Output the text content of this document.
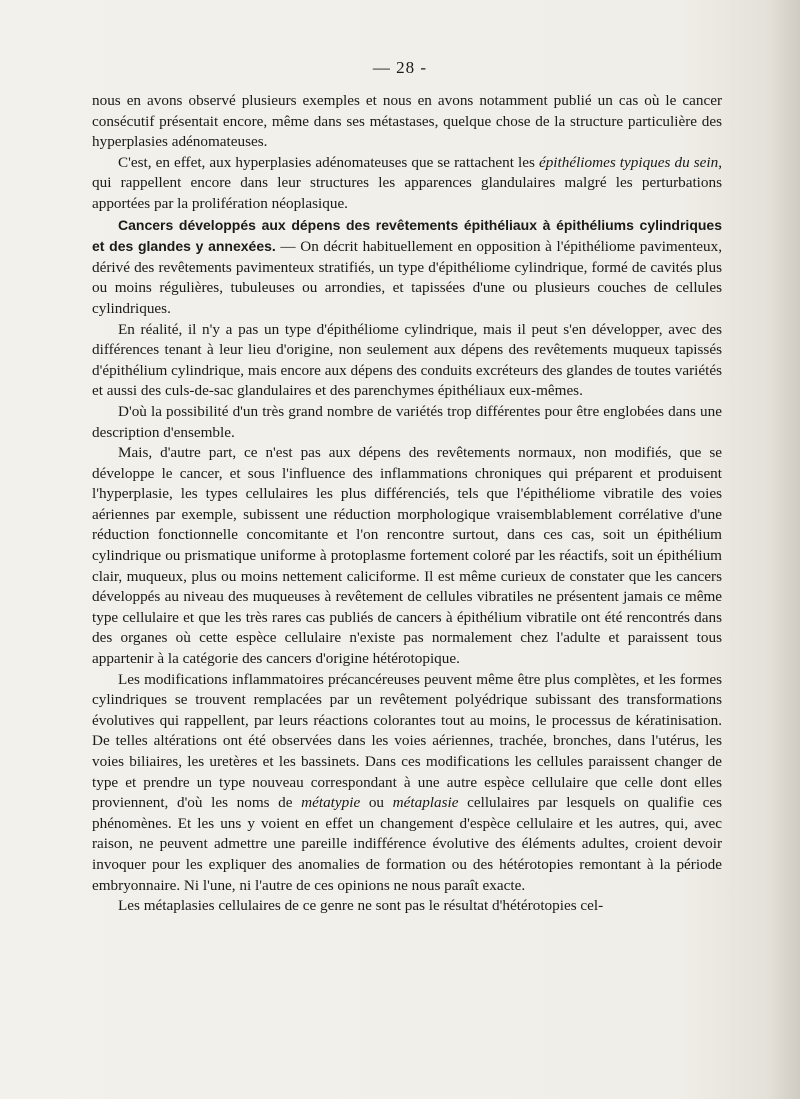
— 28 -

nous en avons observé plusieurs exemples et nous en avons notamment publié un cas où le cancer consécutif présentait encore, même dans ses métastases, quelque chose de la structure particulière des hyperplasies adénomateuses.

C'est, en effet, aux hyperplasies adénomateuses que se rattachent les épithéliomes typiques du sein, qui rappellent encore dans leur structures les apparences glandulaires malgré les perturbations apportées par la prolifération néoplasique.

Cancers développés aux dépens des revêtements épithéliaux à épithéliums cylindriques et des glandes y annexées. — On décrit habituellement en opposition à l'épithéliome pavimenteux, dérivé des revêtements pavimenteux stratifiés, un type d'épithéliome cylindrique, formé de cavités plus ou moins régulières, tubuleuses ou arrondies, et tapissées d'une ou plusieurs couches de cellules cylindriques.

En réalité, il n'y a pas un type d'épithéliome cylindrique, mais il peut s'en développer, avec des différences tenant à leur lieu d'origine, non seulement aux dépens des revêtements muqueux tapissés d'épithélium cylindrique, mais encore aux dépens des conduits excréteurs des glandes de toutes variétés et aussi des culs-de-sac glandulaires et des parenchymes épithéliaux eux-mêmes.

D'où la possibilité d'un très grand nombre de variétés trop différentes pour être englobées dans une description d'ensemble.

Mais, d'autre part, ce n'est pas aux dépens des revêtements normaux, non modifiés, que se développe le cancer, et sous l'influence des inflammations chroniques qui préparent et produisent l'hyperplasie, les types cellulaires les plus différenciés, tels que l'épithéliome vibratile des voies aériennes par exemple, subissent une réduction morphologique vraisemblablement corrélative d'une réduction fonctionnelle concomitante et l'on rencontre surtout, dans ces cas, soit un épithélium cylindrique ou prismatique uniforme à protoplasme fortement coloré par les réactifs, soit un épithélium clair, muqueux, plus ou moins nettement caliciforme. Il est même curieux de constater que les cancers développés au niveau des muqueuses à revêtement de cellules vibratiles ne présentent jamais ce même type cellulaire et que les très rares cas publiés de cancers à épithélium vibratile ont été rencontrés dans des organes où cette espèce cellulaire n'existe pas normalement chez l'adulte et paraissent tous appartenir à la catégorie des cancers d'origine hétérotopique.

Les modifications inflammatoires précancéreuses peuvent même être plus complètes, et les formes cylindriques se trouvent remplacées par un revêtement polyédrique subissant des transformations évolutives qui rappellent, par leurs réactions colorantes tout au moins, le processus de kératinisation. De telles altérations ont été observées dans les voies aériennes, trachée, bronches, dans l'utérus, les voies biliaires, les uretères et les bassinets. Dans ces modifications les cellules paraissent changer de type et prendre un type nouveau correspondant à une autre espèce cellulaire que celle dont elles proviennent, d'où les noms de métatypie ou métaplasie cellulaires par lesquels on qualifie ces phénomènes. Et les uns y voient en effet un changement d'espèce cellulaire et les autres, qui, avec raison, ne peuvent admettre une pareille indifférence évolutive des éléments adultes, croient devoir invoquer pour les expliquer des anomalies de formation ou des hétérotopies remontant à la période embryonnaire. Ni l'une, ni l'autre de ces opinions ne nous paraît exacte.

Les métaplasies cellulaires de ce genre ne sont pas le résultat d'hétérotopies cel-
